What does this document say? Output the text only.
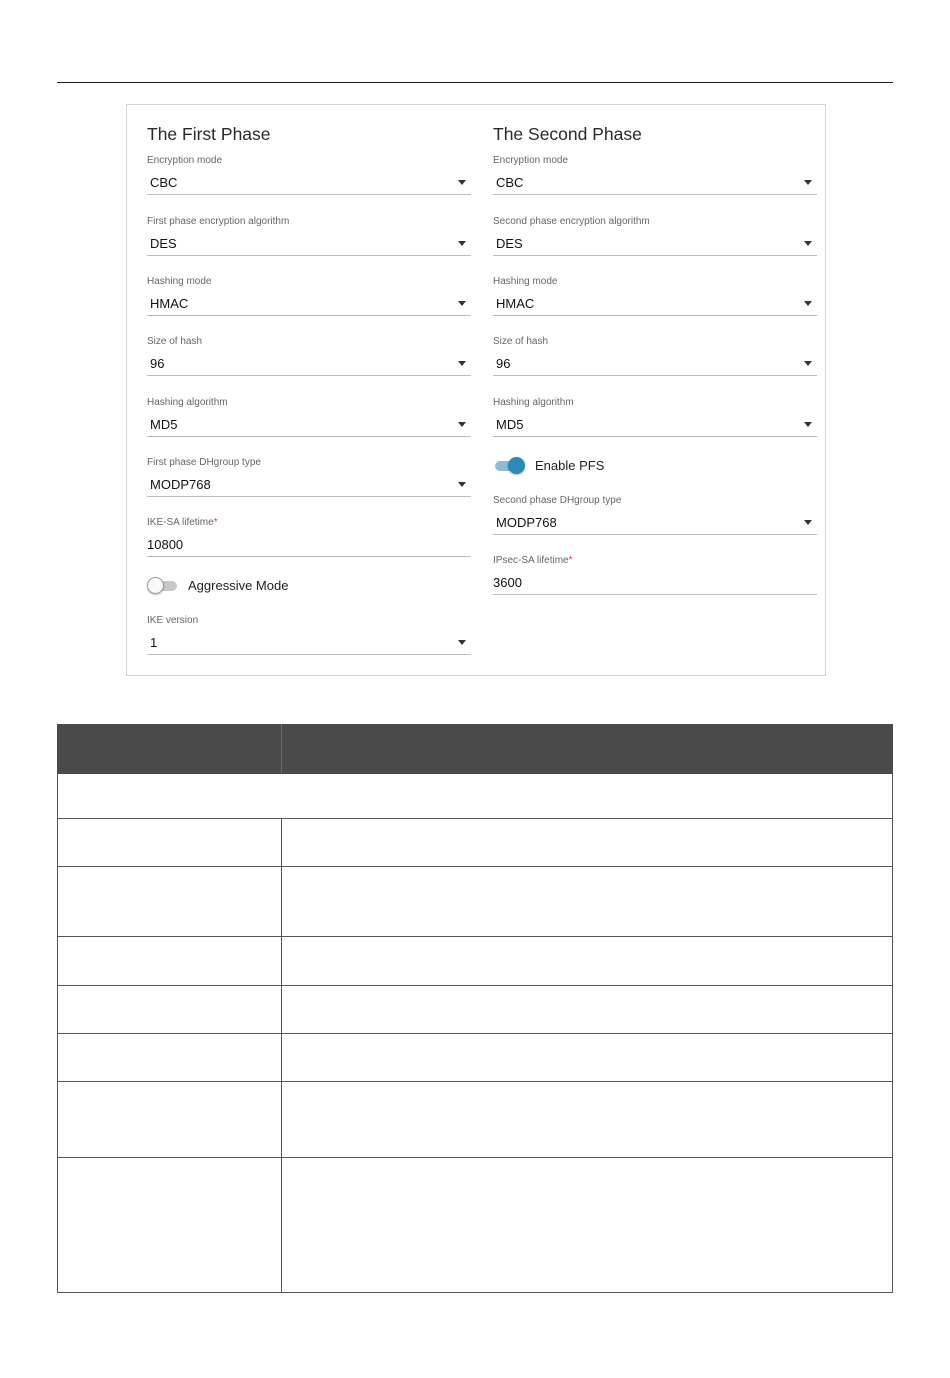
The First Phase
Encryption mode
CBC
First phase encryption algorithm
DES
Hashing mode
HMAC
Size of hash
96
Hashing algorithm
MD5
First phase DHgroup type
MODP768
IKE-SA lifetime*
10800
Aggressive Mode
IKE version
1
The Second Phase
Encryption mode
CBC
Second phase encryption algorithm
DES
Hashing mode
HMAC
Size of hash
96
Hashing algorithm
MD5
Enable PFS
Second phase DHgroup type
MODP768
IPsec-SA lifetime*
3600
